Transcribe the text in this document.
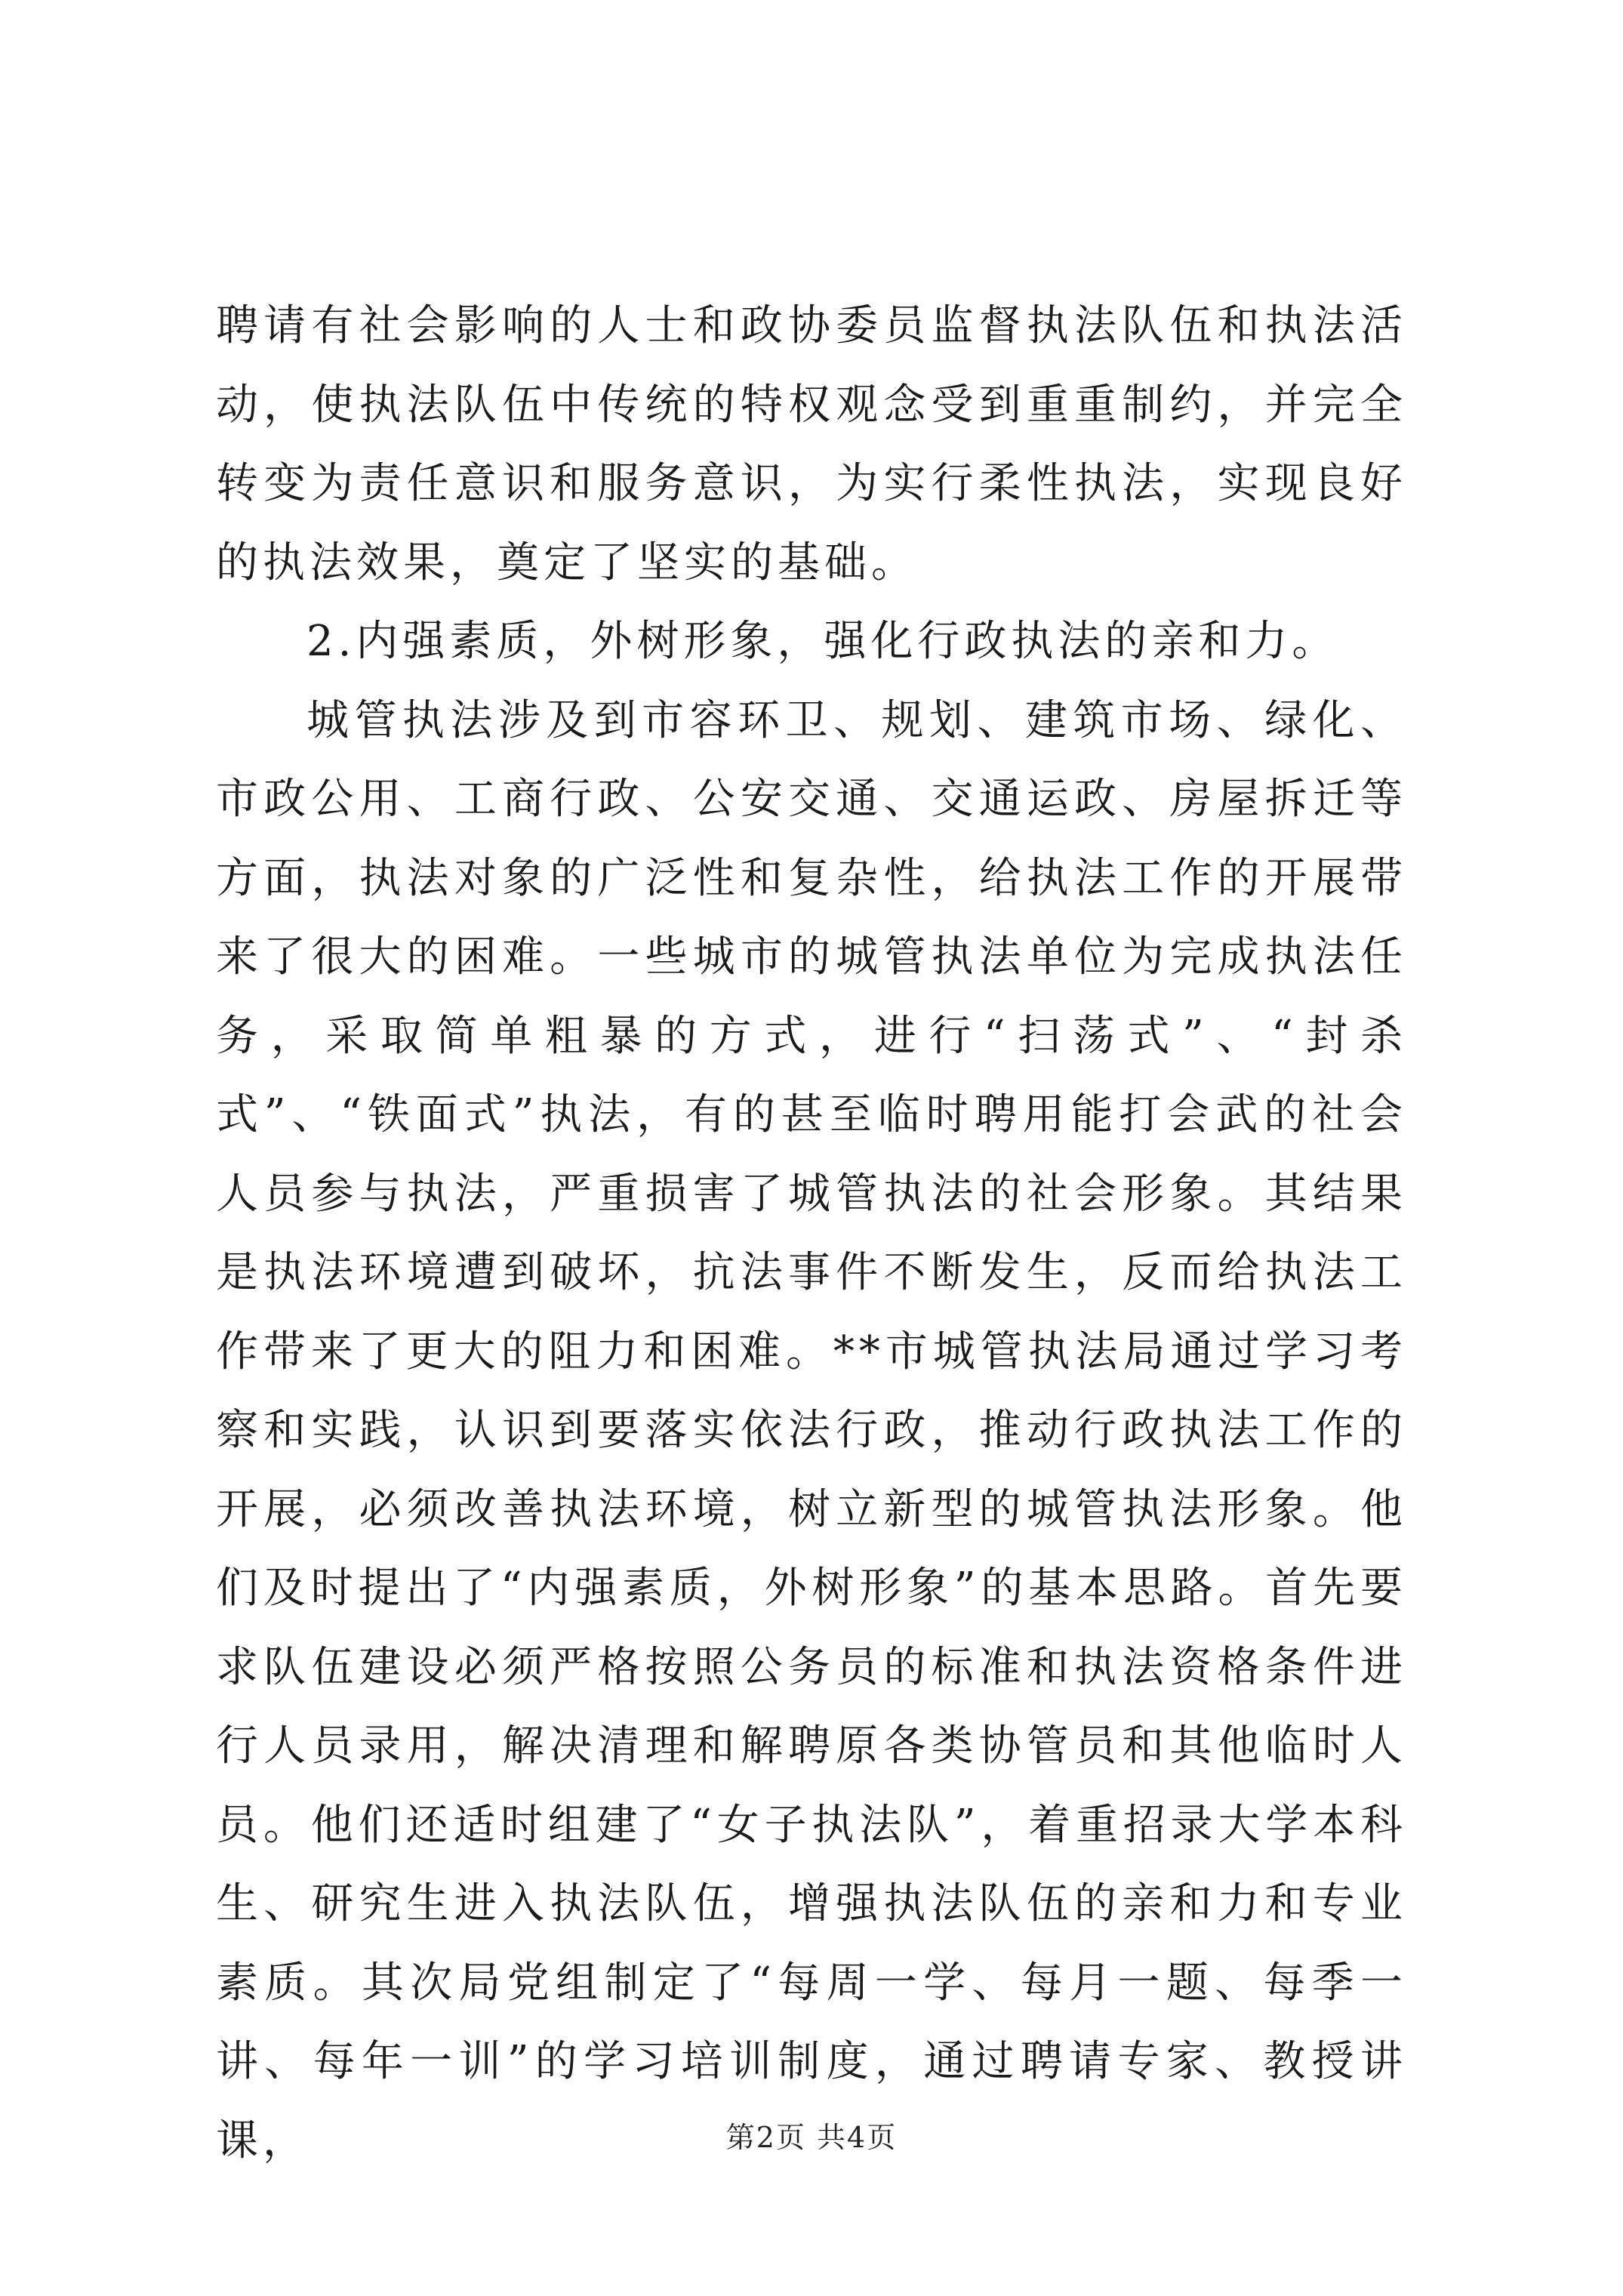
聘请有社会影响的人士和政协委员监督执法队伍和执法活动，使执法队伍中传统的特权观念受到重重制约，并完全转变为责任意识和服务意识，为实行柔性执法，实现良好的执法效果，奠定了坚实的基础。

2.内强素质，外树形象，强化行政执法的亲和力。

城管执法涉及到市容环卫、规划、建筑市场、绿化、市政公用、工商行政、公安交通、交通运政、房屋拆迁等方面，执法对象的广泛性和复杂性，给执法工作的开展带来了很大的困难。一些城市的城管执法单位为完成执法任务，采取简单粗暴的方式，进行“扫荡式”、“封杀式”、“铁面式”执法，有的甚至临时聘用能打会武的社会人员参与执法，严重损害了城管执法的社会形象。其结果是执法环境遭到破坏，抗法事件不断发生，反而给执法工作带来了更大的阻力和困难。**市城管执法局通过学习考察和实践，认识到要落实依法行政，推动行政执法工作的开展，必须改善执法环境，树立新型的城管执法形象。他们及时提出了“内强素质，外树形象”的基本思路。首先要求队伍建设必须严格按照公务员的标准和执法资格条件进行人员录用，解决清理和解聘原各类协管员和其他临时人员。他们还适时组建了“女子执法队”，着重招录大学本科生、研究生进入执法队伍，增强执法队伍的亲和力和专业素质。其次局党组制定了“每周一学、每月一题、每季一讲、每年一训”的学习培训制度，通过聘请专家、教授讲课，	第2页 共4页
